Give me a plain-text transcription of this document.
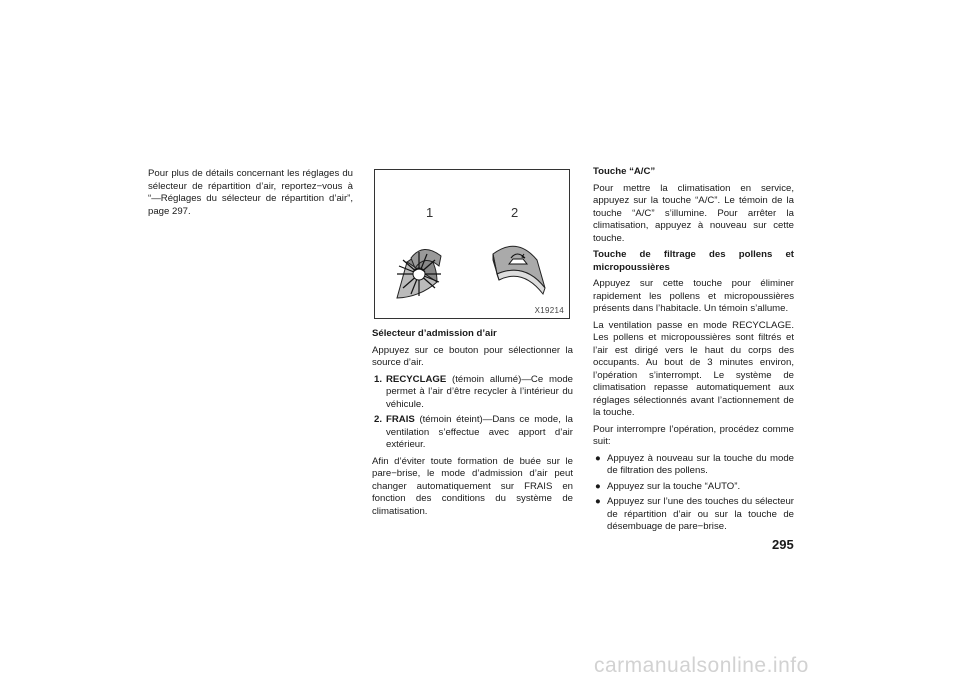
Pour plus de détails concernant les réglages du sélecteur de répartition d’air, reportez−vous à “—Réglages du sélecteur de répartition d’air”, page 297.	1	2
X19214

Sélecteur d’admission d’air

Appuyez sur ce bouton pour sélectionner la source d’air.

1. RECYCLAGE (témoin allumé)—Ce mode permet à l’air d’être recycler à l’intérieur du véhicule.
2. FRAIS (témoin éteint)—Dans ce mode, la ventilation s’effectue avec apport d’air extérieur.

Afin d’éviter toute formation de buée sur le pare−brise, le mode d’admission d’air peut changer automatiquement sur FRAIS en fonction des conditions du système de climatisation.

Touche “A/C”

Pour mettre la climatisation en service, appuyez sur la touche “A/C”. Le témoin de la touche “A/C” s’illumine. Pour arrêter la climatisation, appuyez à nouveau sur cette touche.

Touche de filtrage des pollens et micropoussières

Appuyez sur cette touche pour éliminer rapidement les pollens et micropoussières présents dans l’habitacle. Un témoin s’allume.

La ventilation passe en mode RECYCLAGE. Les pollens et micropoussières sont filtrés et l’air est dirigé vers le haut du corps des occupants. Au bout de 3 minutes environ, l’opération s’interrompt. Le système de climatisation repasse automatiquement aux réglages sélectionnés avant l’actionnement de la touche.

Pour interrompre l’opération, procédez comme suit:

● Appuyez à nouveau sur la touche du mode de filtration des pollens.
● Appuyez sur la touche “AUTO”.
● Appuyez sur l’une des touches du sélecteur de répartition d’air ou sur la touche de désembuage de pare−brise.
295
carmanualsonline.info
